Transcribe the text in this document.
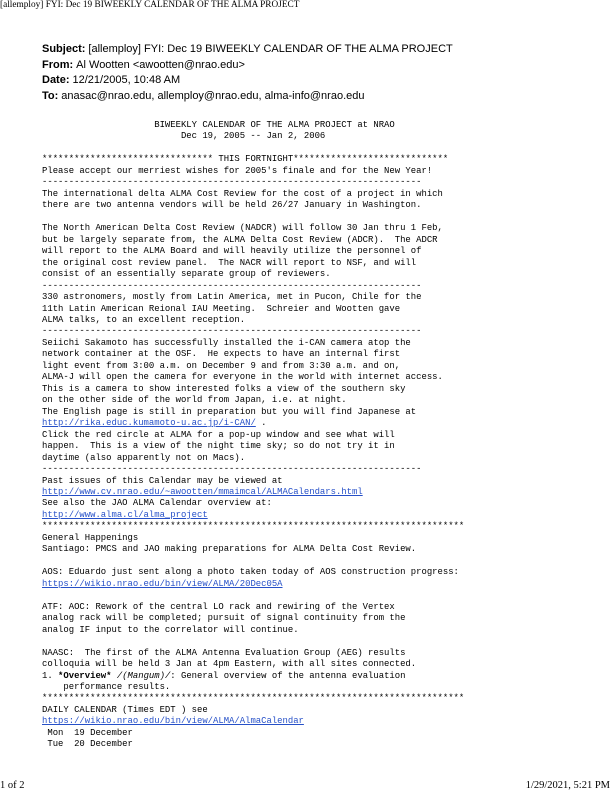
[allemploy] FYI: Dec 19 BIWEEKLY CALENDAR OF THE ALMA PROJECT
Subject: [allemploy] FYI: Dec 19 BIWEEKLY CALENDAR OF THE ALMA PROJECT
From: Al Wootten <awootten@nrao.edu>
Date: 12/21/2005, 10:48 AM
To: anasac@nrao.edu, allemploy@nrao.edu, alma-info@nrao.edu
BIWEEKLY CALENDAR OF THE ALMA PROJECT at NRAO
Dec 19, 2005 -- Jan 2, 2006
******************************** THIS FORTNIGHT*****************************
Please accept our merriest wishes for 2005's finale and for the New Year!
-----------------------------------------------------------------------
The international delta ALMA Cost Review for the cost of a project in which
there are two antenna vendors will be held 26/27 January in Washington.
The North American Delta Cost Review (NADCR) will follow 30 Jan thru 1 Feb,
but be largely separate from, the ALMA Delta Cost Review (ADCR).  The ADCR
will report to the ALMA Board and will heavily utilize the personnel of
the original cost review panel.  The NACR will report to NSF, and will
consist of an essentially separate group of reviewers.
-----------------------------------------------------------------------
330 astronomers, mostly from Latin America, met in Pucon, Chile for the
11th Latin American Reional IAU Meeting.  Schreier and Wootten gave
ALMA talks, to an excellent reception.
-----------------------------------------------------------------------
Seiichi Sakamoto has successfully installed the i-CAN camera atop the
network container at the OSF.  He expects to have an internal first
light event from 3:00 a.m. on December 9 and from 3:30 a.m. and on,
ALMA-J will open the camera for everyone in the world with internet access.
This is a camera to show interested folks a view of the southern sky
on the other side of the world from Japan, i.e. at night.
The English page is still in preparation but you will find Japanese at
http://rika.educ.kumamoto-u.ac.jp/i-CAN/ .
Click the red circle at ALMA for a pop-up window and see what will
happen.  This is a view of the night time sky; so do not try it in
daytime (also apparently not on Macs).
-----------------------------------------------------------------------
Past issues of this Calendar may be viewed at
http://www.cv.nrao.edu/~awootten/mmaimcal/ALMACalendars.html
See also the JAO ALMA Calendar overview at:
http://www.alma.cl/alma_project
*******************************************************************************
General Happenings
Santiago: PMCS and JAO making preparations for ALMA Delta Cost Review.
AOS: Eduardo just sent along a photo taken today of AOS construction progress:
https://wikio.nrao.edu/bin/view/ALMA/20Dec05A
ATF: AOC: Rework of the central LO rack and rewiring of the Vertex
analog rack will be completed; pursuit of signal continuity from the
analog IF input to the correlator will continue.
NAASC:  The first of the ALMA Antenna Evaluation Group (AEG) results
colloquia will be held 3 Jan at 4pm Eastern, with all sites connected.
1. *Overview* /(Mangum)/: General overview of the antenna evaluation
performance results.
*******************************************************************************
DAILY CALENDAR (Times EDT ) see
https://wikio.nrao.edu/bin/view/ALMA/AlmaCalendar
Mon 19 December
Tue 20 December
1 of 2	1/29/2021, 5:21 PM
